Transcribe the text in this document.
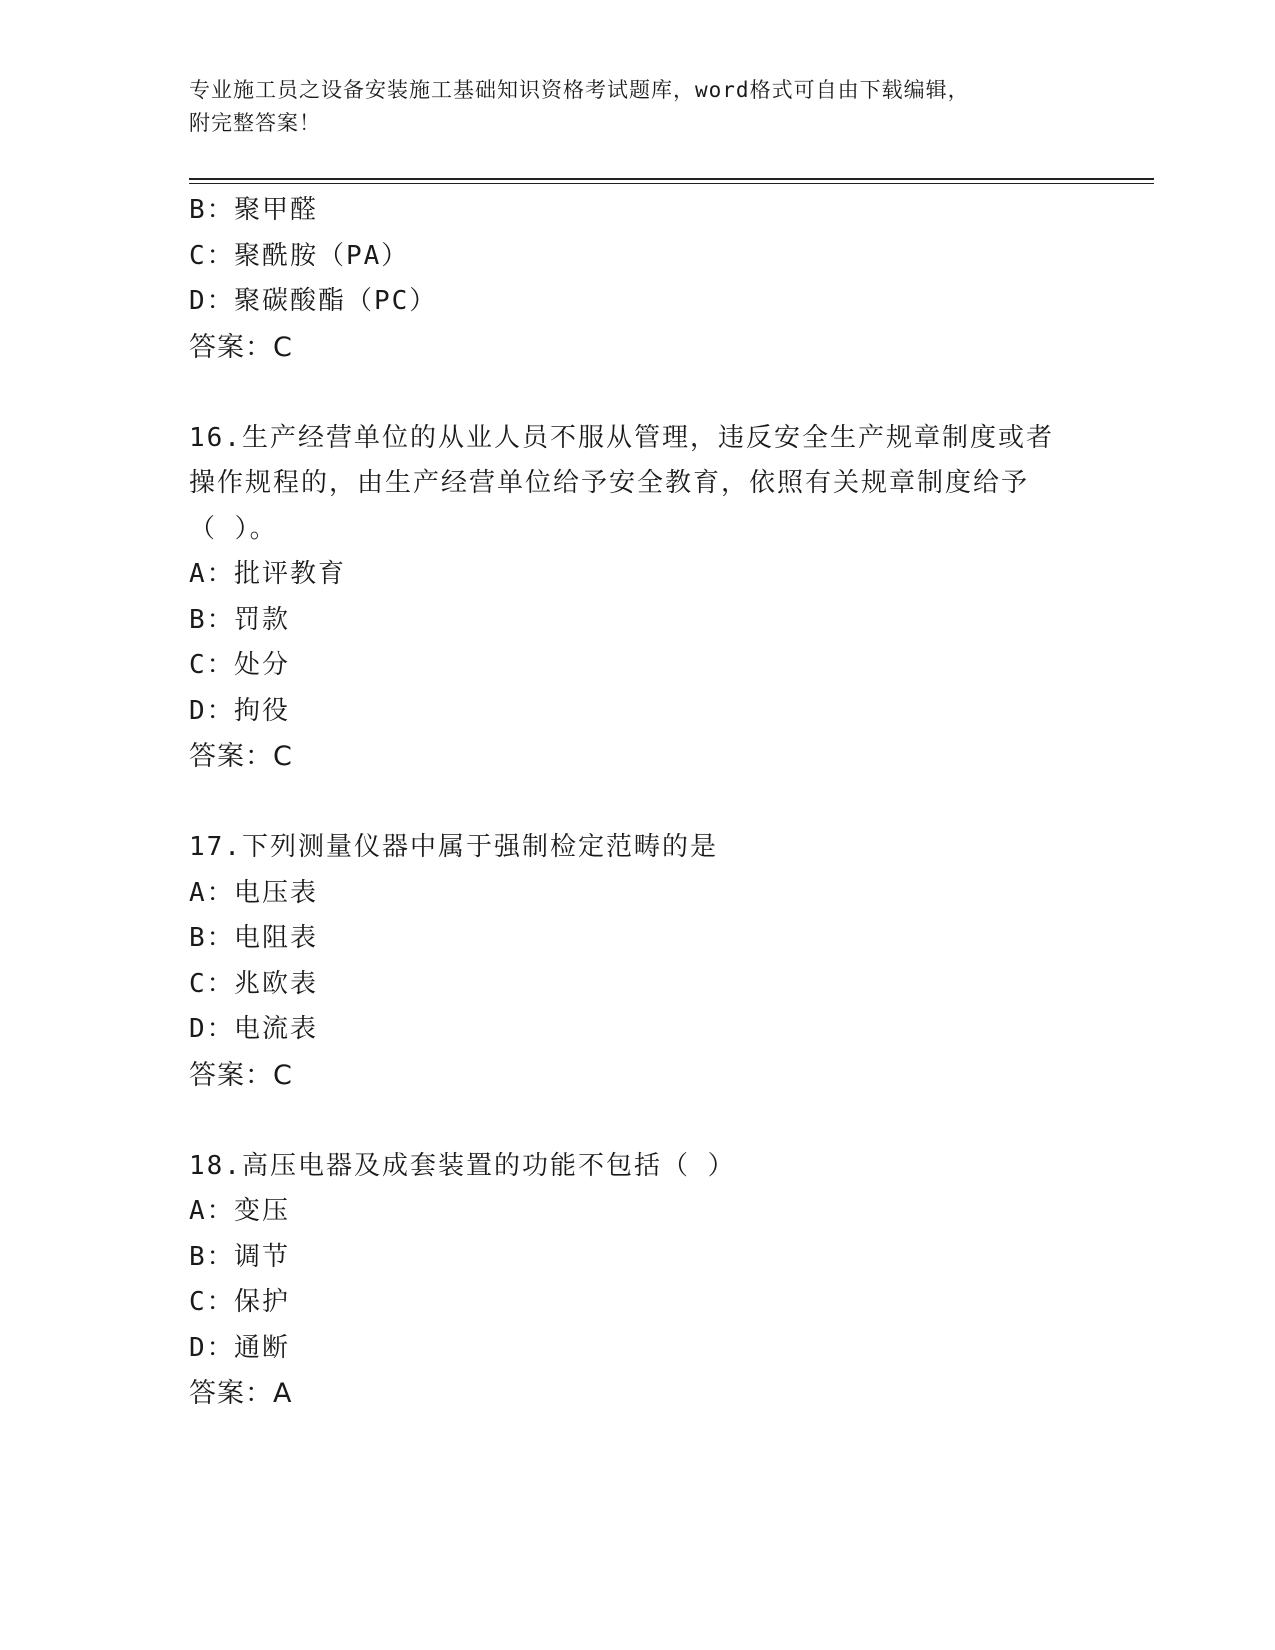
专业施工员之设备安装施工基础知识资格考试题库，word格式可自由下载编辑，
附完整答案！
B：聚甲醛
C：聚酰胺（PA）
D：聚碳酸酯（PC）
答案：C
16.生产经营单位的从业人员不服从管理，违反安全生产规章制度或者
操作规程的，由生产经营单位给予安全教育，依照有关规章制度给予
（ ）。
A：批评教育
B：罚款
C：处分
D：拘役
答案：C
17.下列测量仪器中属于强制检定范畴的是
A：电压表
B：电阻表
C：兆欧表
D：电流表
答案：C
18.高压电器及成套装置的功能不包括（ ）
A：变压
B：调节
C：保护
D：通断
答案：A
